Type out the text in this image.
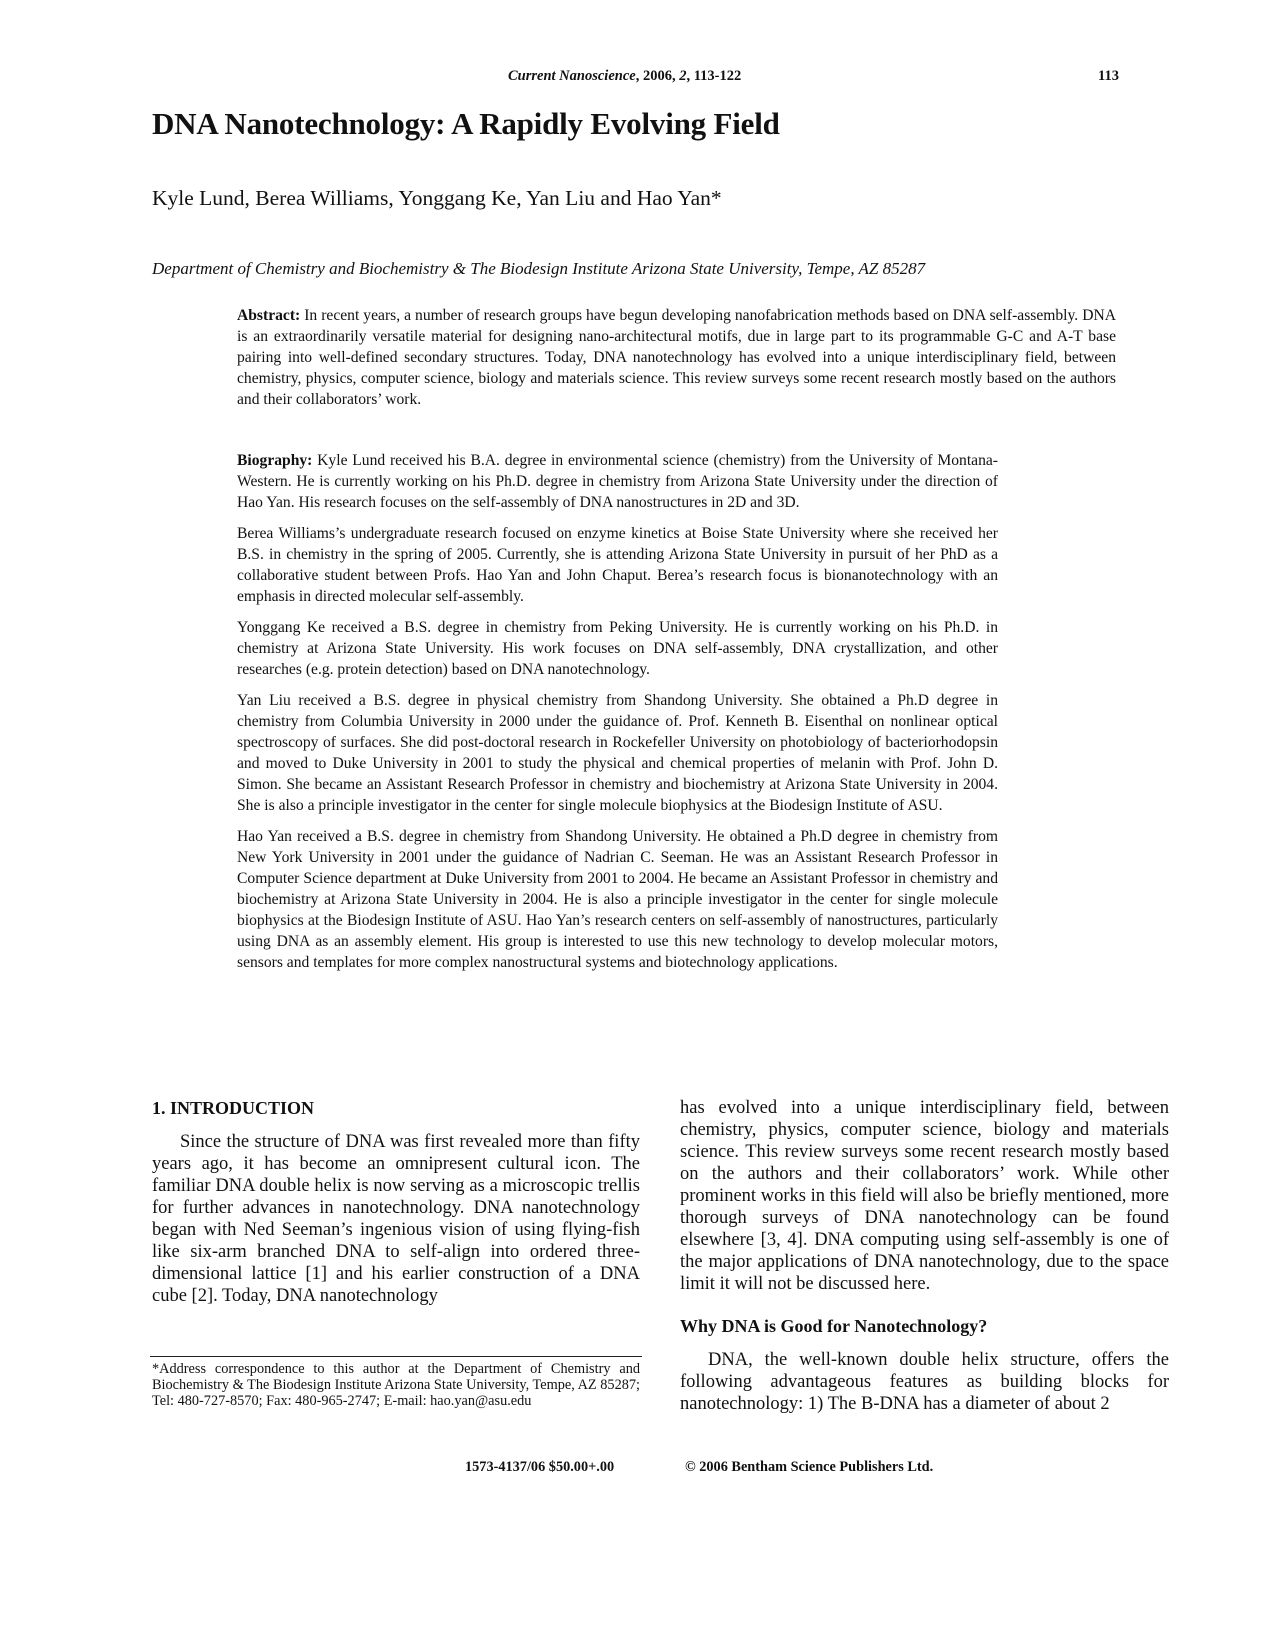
Current Nanoscience, 2006, 2, 113-122	113
DNA Nanotechnology: A Rapidly Evolving Field
Kyle Lund, Berea Williams, Yonggang Ke, Yan Liu and Hao Yan*
Department of Chemistry and Biochemistry & The Biodesign Institute Arizona State University, Tempe, AZ 85287

Abstract: In recent years, a number of research groups have begun developing nanofabrication methods based on DNA self-assembly. DNA is an extraordinarily versatile material for designing nano-architectural motifs, due in large part to its programmable G-C and A-T base pairing into well-defined secondary structures. Today, DNA nanotechnology has evolved into a unique interdisciplinary field, between chemistry, physics, computer science, biology and materials science. This review surveys some recent research mostly based on the authors and their collaborators’ work.

Biography: Kyle Lund received his B.A. degree in environmental science (chemistry) from the University of Montana-Western. He is currently working on his Ph.D. degree in chemistry from Arizona State University under the direction of Hao Yan. His research focuses on the self-assembly of DNA nanostructures in 2D and 3D.

Berea Williams’s undergraduate research focused on enzyme kinetics at Boise State University where she received her B.S. in chemistry in the spring of 2005. Currently, she is attending Arizona State University in pursuit of her PhD as a collaborative student between Profs. Hao Yan and John Chaput. Berea’s research focus is bionanotechnology with an emphasis in directed molecular self-assembly.

Yonggang Ke received a B.S. degree in chemistry from Peking University. He is currently working on his Ph.D. in chemistry at Arizona State University. His work focuses on DNA self-assembly, DNA crystallization, and other researches (e.g. protein detection) based on DNA nanotechnology.

Yan Liu received a B.S. degree in physical chemistry from Shandong University. She obtained a Ph.D degree in chemistry from Columbia University in 2000 under the guidance of. Prof. Kenneth B. Eisenthal on nonlinear optical spectroscopy of surfaces. She did post-doctoral research in Rockefeller University on photobiology of bacteriorhodopsin and moved to Duke University in 2001 to study the physical and chemical properties of melanin with Prof. John D. Simon. She became an Assistant Research Professor in chemistry and biochemistry at Arizona State University in 2004. She is also a principle investigator in the center for single molecule biophysics at the Biodesign Institute of ASU.

Hao Yan received a B.S. degree in chemistry from Shandong University. He obtained a Ph.D degree in chemistry from New York University in 2001 under the guidance of Nadrian C. Seeman. He was an Assistant Research Professor in Computer Science department at Duke University from 2001 to 2004. He became an Assistant Professor in chemistry and biochemistry at Arizona State University in 2004. He is also a principle investigator in the center for single molecule biophysics at the Biodesign Institute of ASU. Hao Yan’s research centers on self-assembly of nanostructures, particularly using DNA as an assembly element. His group is interested to use this new technology to develop molecular motors, sensors and templates for more complex nanostructural systems and biotechnology applications.

1. INTRODUCTION

Since the structure of DNA was first revealed more than fifty years ago, it has become an omnipresent cultural icon. The familiar DNA double helix is now serving as a microscopic trellis for further advances in nanotechnology. DNA nanotechnology began with Ned Seeman’s ingenious vision of using flying-fish like six-arm branched DNA to self-align into ordered three-dimensional lattice [1] and his earlier construction of a DNA cube [2]. Today, DNA nanotechnology

has evolved into a unique interdisciplinary field, between chemistry, physics, computer science, biology and materials science. This review surveys some recent research mostly based on the authors and their collaborators’ work. While other prominent works in this field will also be briefly mentioned, more thorough surveys of DNA nanotechnology can be found elsewhere [3, 4]. DNA computing using self-assembly is one of the major applications of DNA nanotechnology, due to the space limit it will not be discussed here.

Why DNA is Good for Nanotechnology?

DNA, the well-known double helix structure, offers the following advantageous features as building blocks for nanotechnology: 1) The B-DNA has a diameter of about 2

*Address correspondence to this author at the Department of Chemistry and Biochemistry & The Biodesign Institute Arizona State University, Tempe, AZ 85287; Tel: 480-727-8570; Fax: 480-965-2747; E-mail: hao.yan@asu.edu
1573-4137/06 $50.00+.00	© 2006 Bentham Science Publishers Ltd.
